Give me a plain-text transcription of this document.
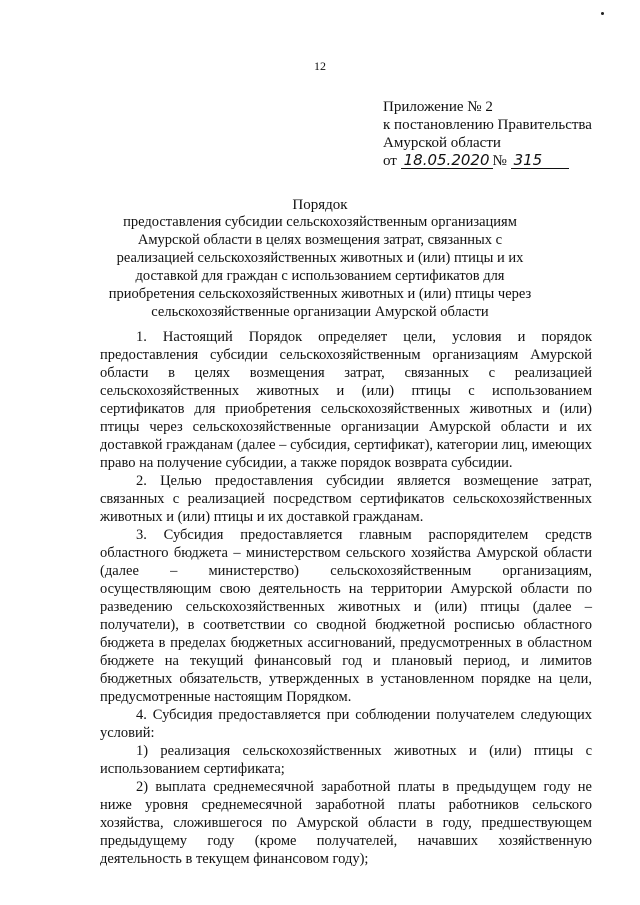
12
Приложение № 2
к постановлению Правительства
Амурской области
от 18.05.2020 № 315
Порядок
предоставления субсидии сельскохозяйственным организациям Амурской области в целях возмещения затрат, связанных с реализацией сельскохозяйственных животных и (или) птицы и их доставкой для граждан с использованием сертификатов для приобретения сельскохозяйственных животных и (или) птицы через сельскохозяйственные организации Амурской области

1. Настоящий Порядок определяет цели, условия и порядок предоставления субсидии сельскохозяйственным организациям Амурской области в целях возмещения затрат, связанных с реализацией сельскохозяйственных животных и (или) птицы с использованием сертификатов для приобретения сельскохозяйственных животных и (или) птицы через сельскохозяйственные организации Амурской области и их доставкой гражданам (далее – субсидия, сертификат), категории лиц, имеющих право на получение субсидии, а также порядок возврата субсидии.

2. Целью предоставления субсидии является возмещение затрат, связанных с реализацией посредством сертификатов сельскохозяйственных животных и (или) птицы и их доставкой гражданам.

3. Субсидия предоставляется главным распорядителем средств областного бюджета – министерством сельского хозяйства Амурской области (далее – министерство) сельскохозяйственным организациям, осуществляющим свою деятельность на территории Амурской области по разведению сельскохозяйственных животных и (или) птицы (далее – получатели), в соответствии со сводной бюджетной росписью областного бюджета в пределах бюджетных ассигнований, предусмотренных в областном бюджете на текущий финансовый год и плановый период, и лимитов бюджетных обязательств, утвержденных в установленном порядке на цели, предусмотренные настоящим Порядком.

4. Субсидия предоставляется при соблюдении получателем следующих условий:

1) реализация сельскохозяйственных животных и (или) птицы с использованием сертификата;

2) выплата среднемесячной заработной платы в предыдущем году не ниже уровня среднемесячной заработной платы работников сельского хозяйства, сложившегося по Амурской области в году, предшествующем предыдущему году (кроме получателей, начавших хозяйственную деятельность в текущем финансовом году);
